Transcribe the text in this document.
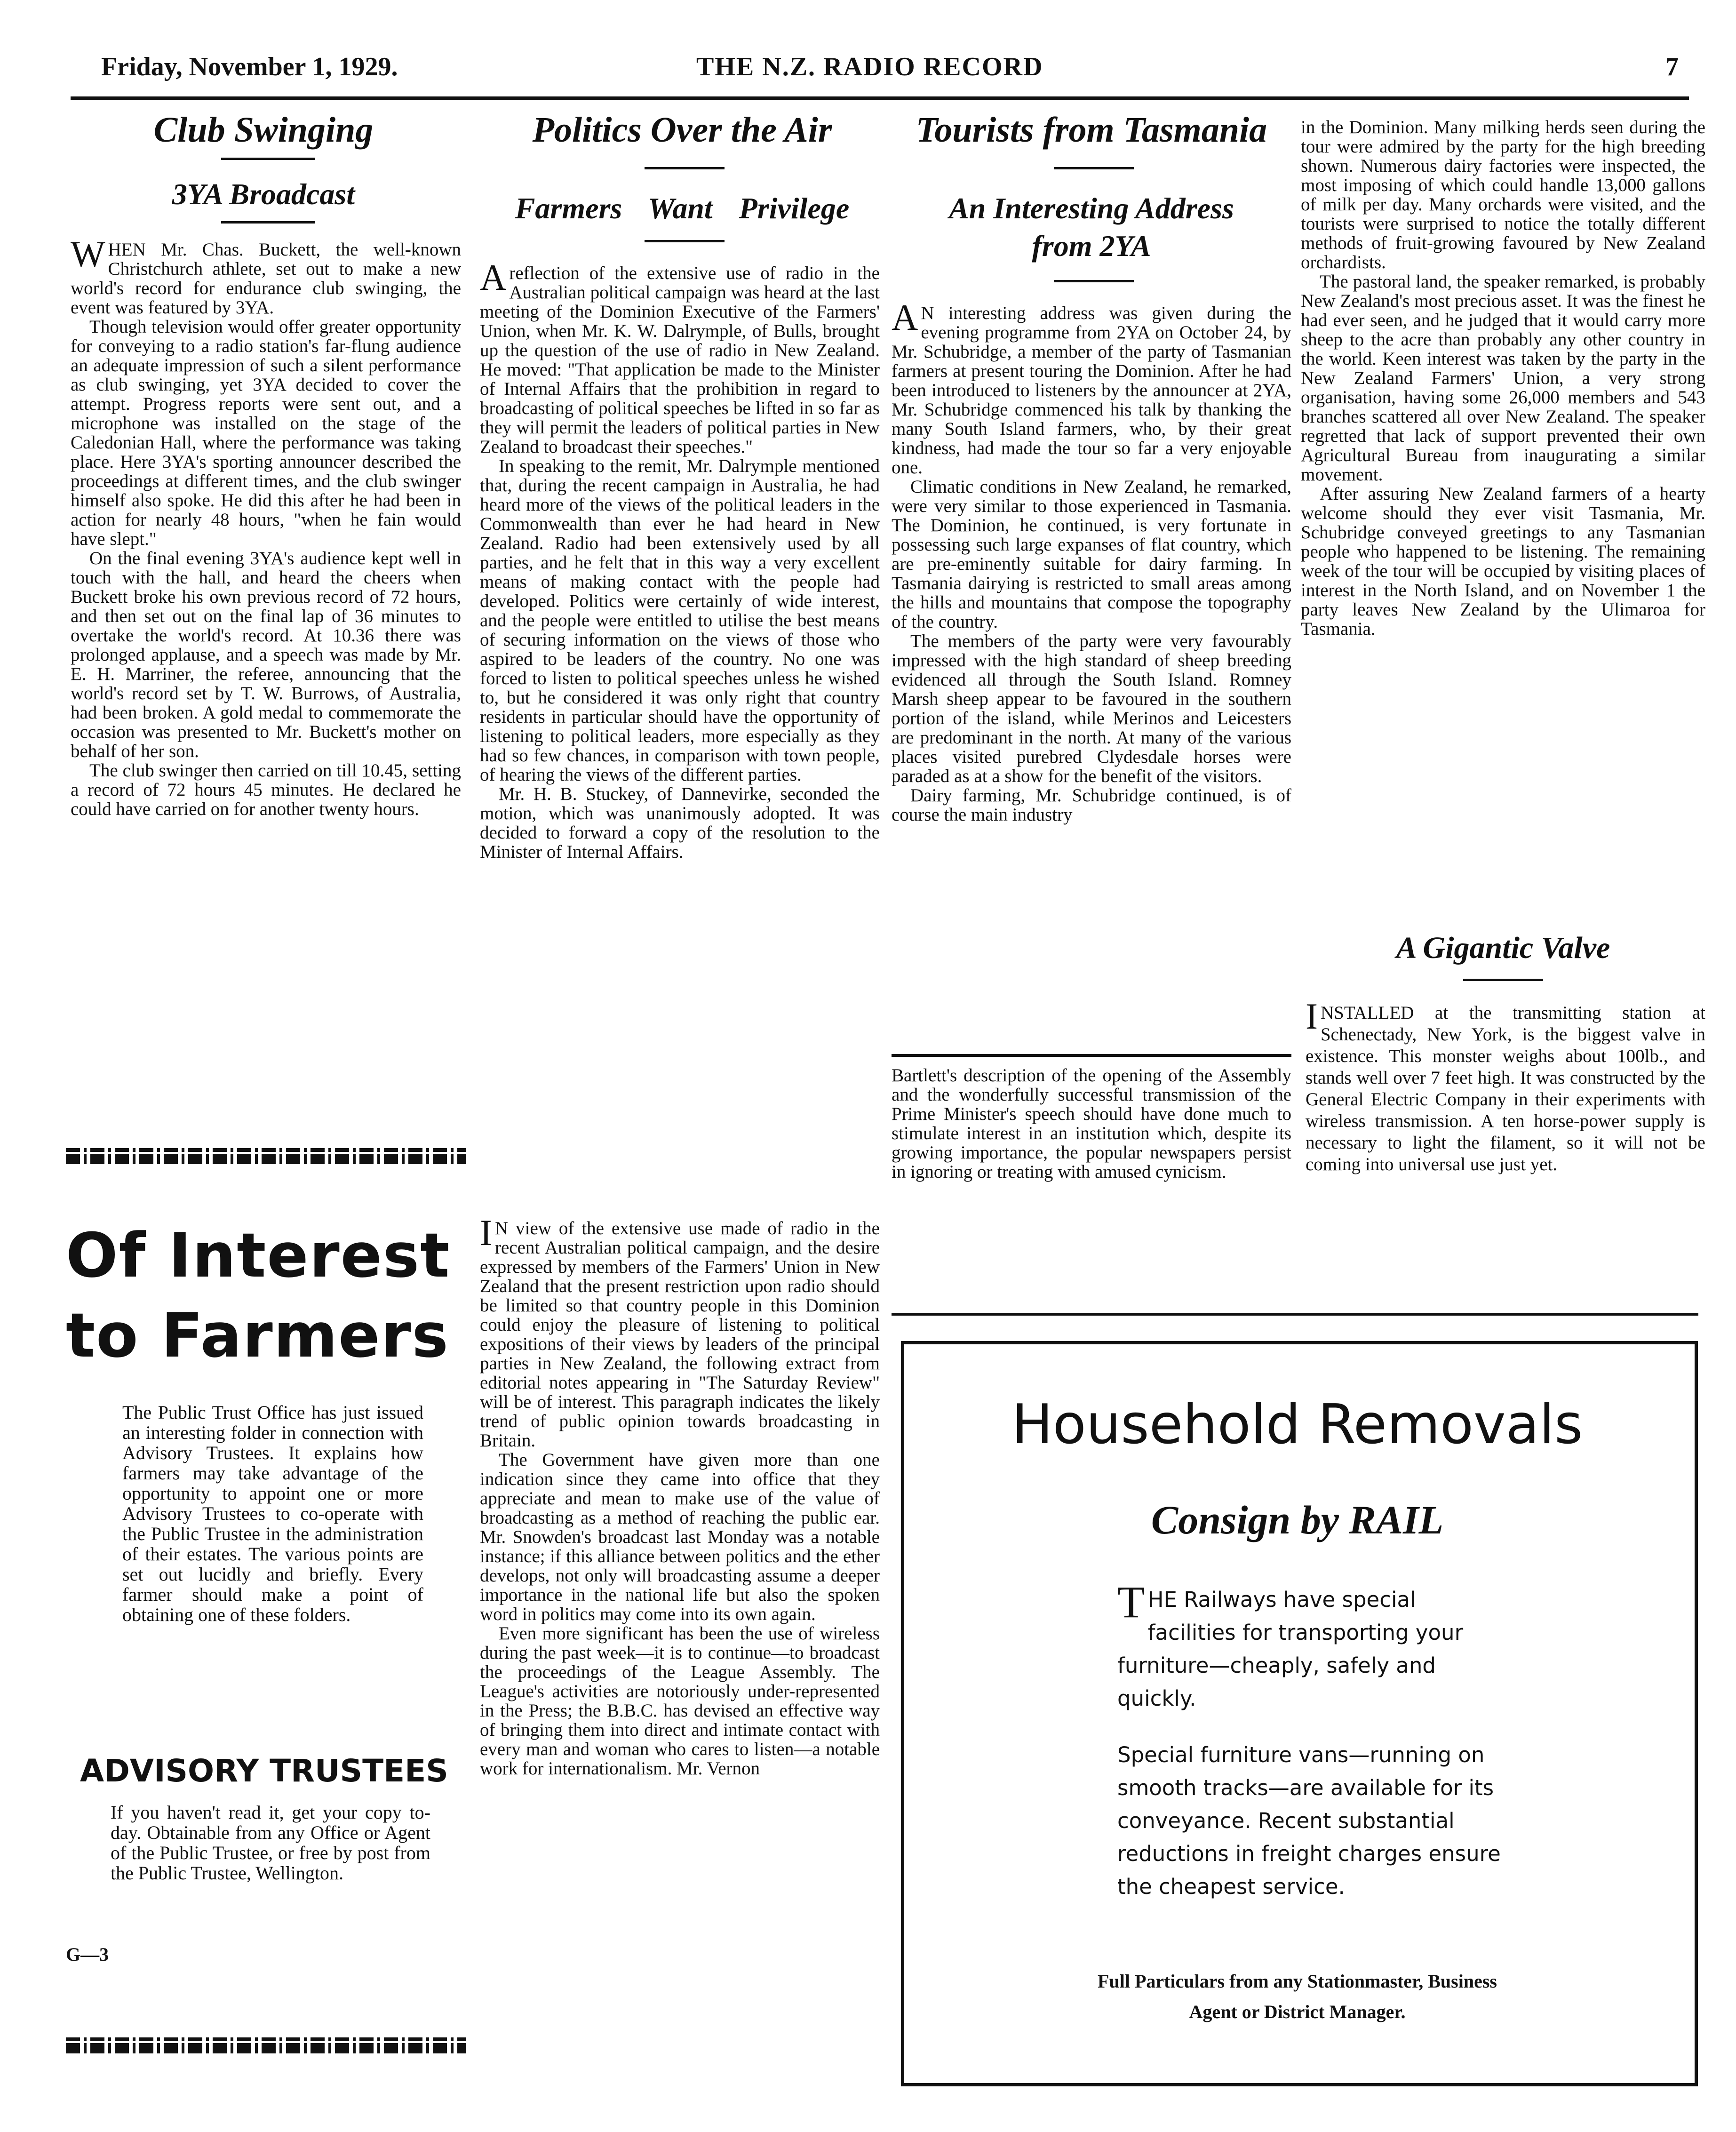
Friday, November 1, 1929.	THE N.Z. RADIO RECORD	7
Club Swinging
3YA Broadcast

WHEN Mr. Chas. Buckett, the well-known Christchurch athlete, set out to make a new world's record for endurance club swinging, the event was featured by 3YA.

Though television would offer greater opportunity for conveying to a radio station's far-flung audience an adequate impression of such a silent performance as club swinging, yet 3YA decided to cover the attempt. Progress reports were sent out, and a microphone was installed on the stage of the Caledonian Hall, where the performance was taking place. Here 3YA's sporting announcer described the proceedings at different times, and the club swinger himself also spoke. He did this after he had been in action for nearly 48 hours, "when he fain would have slept."

On the final evening 3YA's audience kept well in touch with the hall, and heard the cheers when Buckett broke his own previous record of 72 hours, and then set out on the final lap of 36 minutes to overtake the world's record. At 10.36 there was prolonged applause, and a speech was made by Mr. E. H. Marriner, the referee, announcing that the world's record set by T. W. Burrows, of Australia, had been broken. A gold medal to commemorate the occasion was presented to Mr. Buckett's mother on behalf of her son.

The club swinger then carried on till 10.45, setting a record of 72 hours 45 minutes. He declared he could have carried on for another twenty hours.

Of Interest
to Farmers

The Public Trust Office has just issued an interesting folder in connection with Advisory Trustees. It explains how farmers may take advantage of the opportunity to appoint one or more Advisory Trustees to co-operate with the Public Trustee in the administration of their estates. The various points are set out lucidly and briefly. Every farmer should make a point of obtaining one of these folders.

ADVISORY TRUSTEES

If you haven't read it, get your copy to-day. Obtainable from any Office or Agent of the Public Trustee, or free by post from the Public Trustee, Wellington.

G—3
Politics Over the Air
Farmers Want Privilege

Areflection of the extensive use of radio in the Australian political campaign was heard at the last meeting of the Dominion Executive of the Farmers' Union, when Mr. K. W. Dalrymple, of Bulls, brought up the question of the use of radio in New Zealand. He moved: "That application be made to the Minister of Internal Affairs that the prohibition in regard to broadcasting of political speeches be lifted in so far as they will permit the leaders of political parties in New Zealand to broadcast their speeches."

In speaking to the remit, Mr. Dalrymple mentioned that, during the recent campaign in Australia, he had heard more of the views of the political leaders in the Commonwealth than ever he had heard in New Zealand. Radio had been extensively used by all parties, and he felt that in this way a very excellent means of making contact with the people had developed. Politics were certainly of wide interest, and the people were entitled to utilise the best means of securing information on the views of those who aspired to be leaders of the country. No one was forced to listen to political speeches unless he wished to, but he considered it was only right that country residents in particular should have the opportunity of listening to political leaders, more especially as they had so few chances, in comparison with town people, of hearing the views of the different parties.

Mr. H. B. Stuckey, of Dannevirke, seconded the motion, which was unanimously adopted. It was decided to forward a copy of the resolution to the Minister of Internal Affairs.

I N view of the extensive use made of radio in the recent Australian political campaign, and the desire expressed by members of the Farmers' Union in New Zealand that the present restriction upon radio should be limited so that country people in this Dominion could enjoy the pleasure of listening to political expositions of their views by leaders of the principal parties in New Zealand, the following extract from editorial notes appearing in "The Saturday Review" will be of interest. This paragraph indicates the likely trend of public opinion towards broadcasting in Britain.

The Government have given more than one indication since they came into office that they appreciate and mean to make use of the value of broadcasting as a method of reaching the public ear. Mr. Snowden's broadcast last Monday was a notable instance; if this alliance between politics and the ether develops, not only will broadcasting assume a deeper importance in the national life but also the spoken word in politics may come into its own again.

Even more significant has been the use of wireless during the past week—it is to continue—to broadcast the proceedings of the League Assembly. The League's activities are notoriously under-represented in the Press; the B.B.C. has devised an effective way of bringing them into direct and intimate contact with every man and woman who cares to listen—a notable work for internationalism. Mr. Vernon

Tourists from Tasmania
An Interesting Address
from 2YA

A N interesting address was given during the evening programme from 2YA on October 24, by Mr. Schubridge, a member of the party of Tasmanian farmers at present touring the Dominion. After he had been introduced to listeners by the announcer at 2YA, Mr. Schubridge commenced his talk by thanking the many South Island farmers, who, by their great kindness, had made the tour so far a very enjoyable one.

Climatic conditions in New Zealand, he remarked, were very similar to those experienced in Tasmania. The Dominion, he continued, is very fortunate in possessing such large expanses of flat country, which are pre-eminently suitable for dairy farming. In Tasmania dairying is restricted to small areas among the hills and mountains that compose the topography of the country.

The members of the party were very favourably impressed with the high standard of sheep breeding evidenced all through the South Island. Romney Marsh sheep appear to be favoured in the southern portion of the island, while Merinos and Leicesters are predominant in the north. At many of the various places visited purebred Clydesdale horses were paraded as at a show for the benefit of the visitors.

Dairy farming, Mr. Schubridge continued, is of course the main industry

Bartlett's description of the opening of the Assembly and the wonderfully successful transmission of the Prime Minister's speech should have done much to stimulate interest in an institution which, despite its growing importance, the popular newspapers persist in ignoring or treating with amused cynicism.

in the Dominion. Many milking herds seen during the tour were admired by the party for the high breeding shown. Numerous dairy factories were inspected, the most imposing of which could handle 13,000 gallons of milk per day. Many orchards were visited, and the tourists were surprised to notice the totally different methods of fruit-growing favoured by New Zealand orchardists.

The pastoral land, the speaker remarked, is probably New Zealand's most precious asset. It was the finest he had ever seen, and he judged that it would carry more sheep to the acre than probably any other country in the world. Keen interest was taken by the party in the New Zealand Farmers' Union, a very strong organisation, having some 26,000 members and 543 branches scattered all over New Zealand. The speaker regretted that lack of support prevented their own Agricultural Bureau from inaugurating a similar movement.

After assuring New Zealand farmers of a hearty welcome should they ever visit Tasmania, Mr. Schubridge conveyed greetings to any Tasmanian people who happened to be listening. The remaining week of the tour will be occupied by visiting places of interest in the North Island, and on November 1 the party leaves New Zealand by the Ulimaroa for Tasmania.

A Gigantic Valve

INSTALLED at the transmitting station at Schenectady, New York, is the biggest valve in existence. This monster weighs about 100lb., and stands well over 7 feet high. It was constructed by the General Electric Company in their experiments with wireless transmission. A ten horse-power supply is necessary to light the filament, so it will not be coming into universal use just yet.

Household Removals
Consign by RAIL
THE Railways have special facilities for transporting your furniture—cheaply, safely and quickly.
Special furniture vans—running on smooth tracks—are available for its conveyance. Recent substantial reductions in freight charges ensure the cheapest service.
Full Particulars from any Stationmaster, Business
Agent or District Manager.
